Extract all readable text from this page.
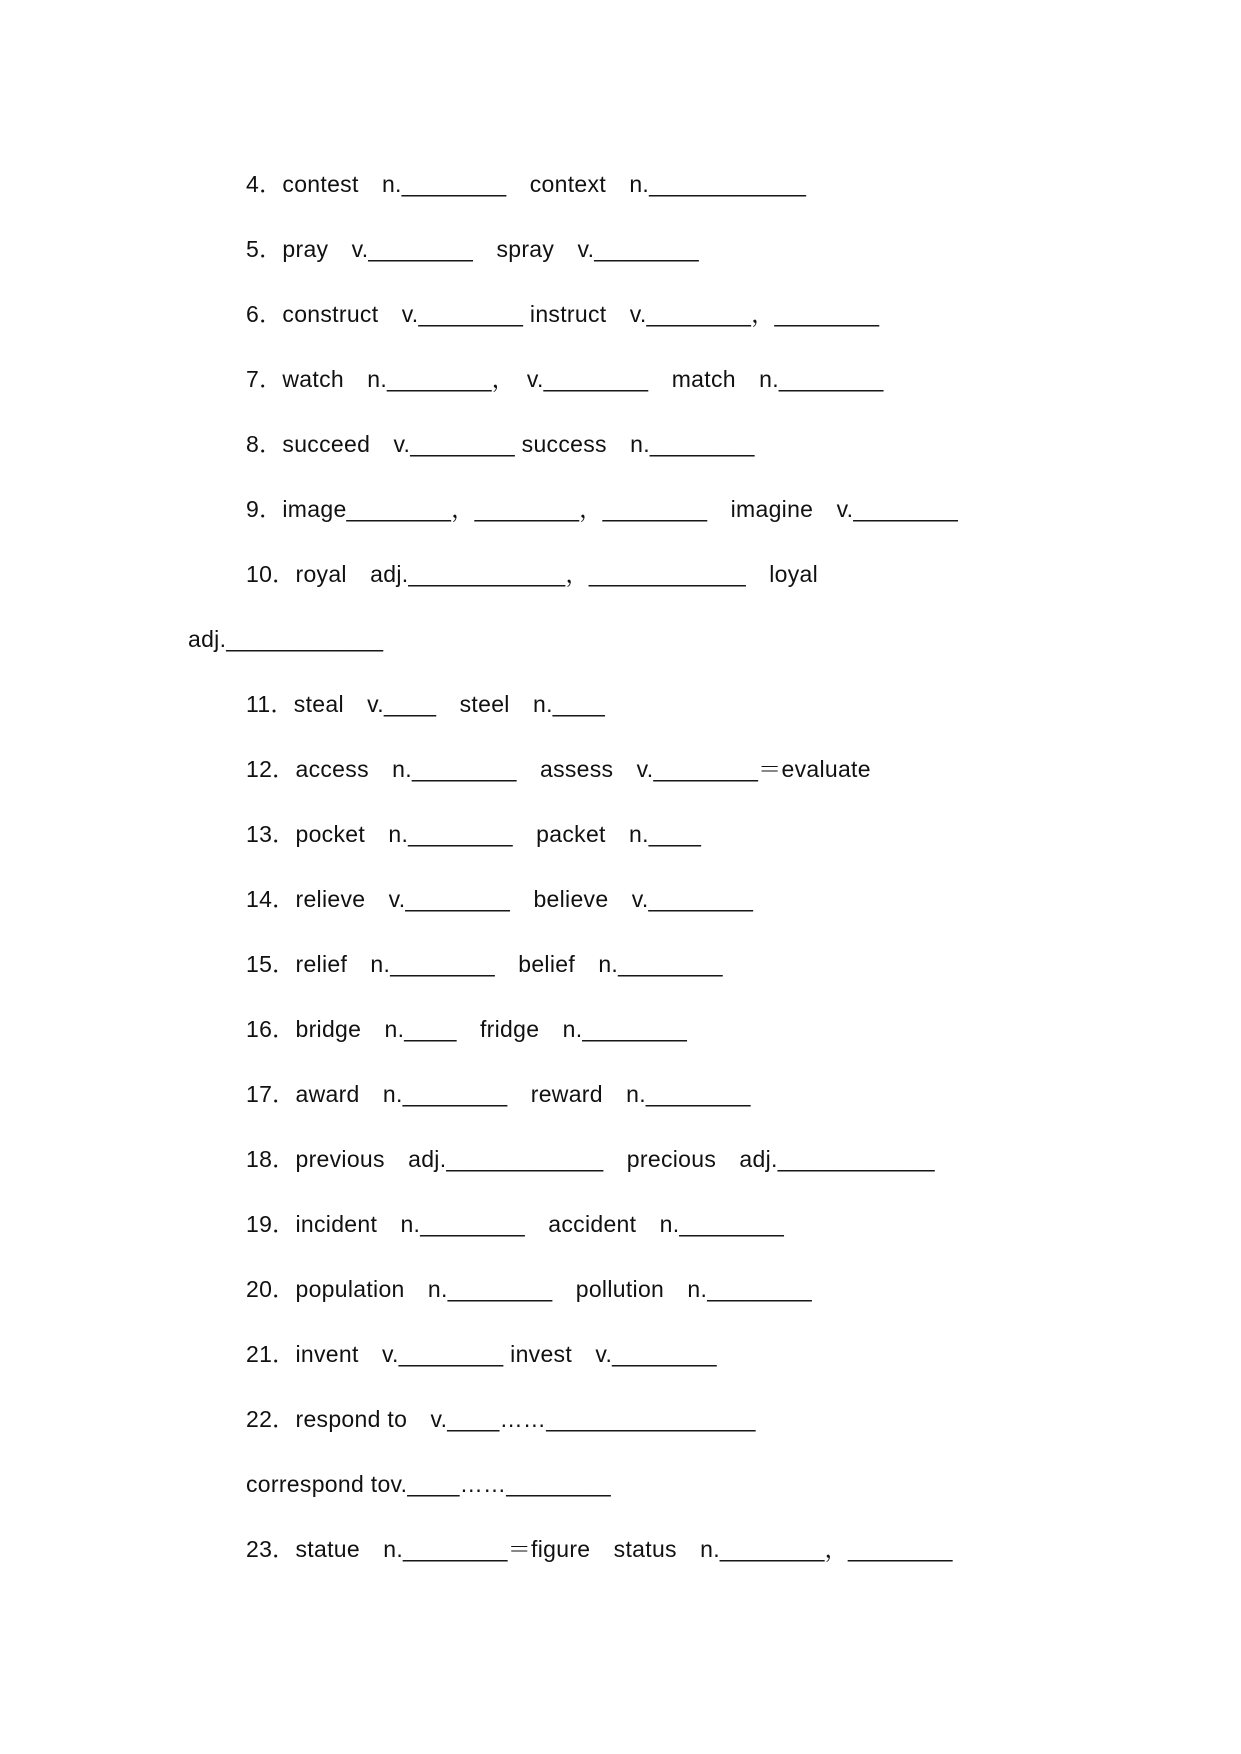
4．contest　n.________　context　n.____________
5．pray　v.________　spray　v.________
6．construct　v.________ instruct　v.________，________
7．watch　n.________，　v.________　match　n.________
8．succeed　v.________ success　n.________
9．image________，________，________　imagine　v.________
10．royal　adj.____________，____________　loyal
adj.____________
11．steal　v.____　steel　n.____
12．access　n.________　assess　v.________＝evaluate
13．pocket　n.________　packet　n.____
14．relieve　v.________　believe　v.________
15．relief　n.________　belief　n.________
16．bridge　n.____　fridge　n.________
17．award　n.________　reward　n.________
18．previous　adj.____________　precious　adj.____________
19．incident　n.________　accident　n.________
20．population　n.________　pollution　n.________
21．invent　v.________ invest　v.________
22．respond to　v.____……________________
correspond tov.____……________
23．statue　n.________＝figure　status　n.________，________
